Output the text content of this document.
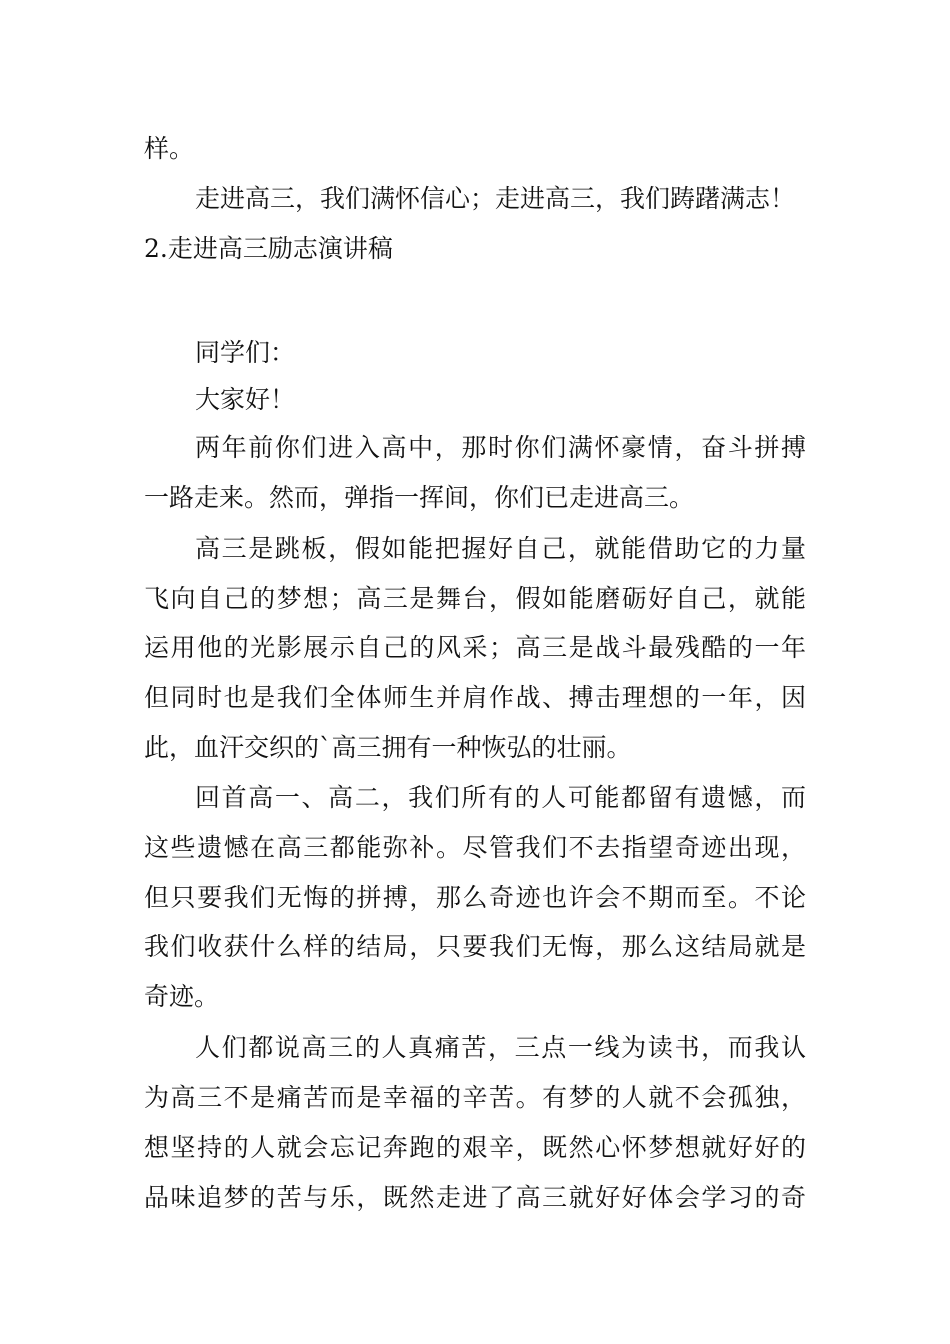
样。
走进高三，我们满怀信心；走进高三，我们踌躇满志！
2.走进高三励志演讲稿
同学们：
大家好！
两年前你们进入高中，那时你们满怀豪情，奋斗拼搏
一路走来。然而，弹指一挥间，你们已走进高三。
高三是跳板，假如能把握好自己，就能借助它的力量
飞向自己的梦想；高三是舞台，假如能磨砺好自己，就能
运用他的光影展示自己的风采；高三是战斗最残酷的一年
但同时也是我们全体师生并肩作战、搏击理想的一年，因
此，血汗交织的`高三拥有一种恢弘的壮丽。
回首高一、高二，我们所有的人可能都留有遗憾，而
这些遗憾在高三都能弥补。尽管我们不去指望奇迹出现，
但只要我们无悔的拼搏，那么奇迹也许会不期而至。不论
我们收获什么样的结局，只要我们无悔，那么这结局就是
奇迹。
人们都说高三的人真痛苦，三点一线为读书，而我认
为高三不是痛苦而是幸福的辛苦。有梦的人就不会孤独，
想坚持的人就会忘记奔跑的艰辛，既然心怀梦想就好好的
品味追梦的苦与乐，既然走进了高三就好好体会学习的奇
